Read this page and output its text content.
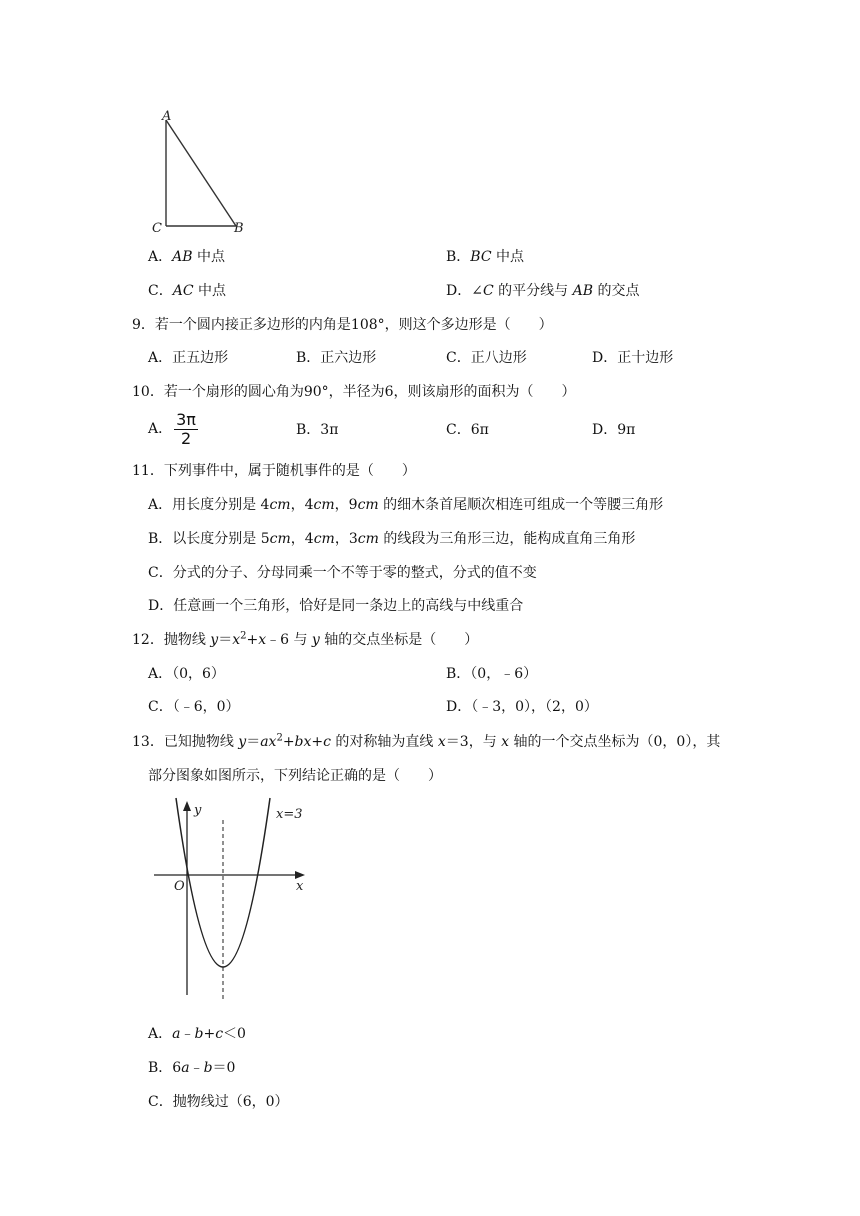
A
C	B
A．AB 中点	B．BC 中点
C．AC 中点	D．∠C 的平分线与 AB 的交点
9．若一个圆内接正多边形的内角是108°，则这个多边形是（　　）
A．正五边形	B．正六边形	C．正八边形	D．正十边形
10．若一个扇形的圆心角为90°，半径为6，则该扇形的面积为（　　）
A． $\frac{3\pi}{2}$	B．3π	C．6π	D．9π
11．下列事件中，属于随机事件的是（　　）
A．用长度分别是 4cm，4cm，9cm 的细木条首尾顺次相连可组成一个等腰三角形
B．以长度分别是 5cm，4cm，3cm 的线段为三角形三边，能构成直角三角形
C．分式的分子、分母同乘一个不等于零的整式，分式的值不变
D．任意画一个三角形，恰好是同一条边上的高线与中线重合
12．抛物线 $y=x^2+x﹣6$ 与 y 轴的交点坐标是（　　）
A．（0，6）	B．（0，﹣6）
C．（﹣6，0）	D．（﹣3，0），（2，0）
13．已知抛物线 $y=ax^2+bx+c$ 的对称轴为直线 x＝3，与 x 轴的一个交点坐标为（0，0），其
部分图象如图所示，下列结论正确的是（　　）
y
x
O
x=3
A．a﹣b+c＜0
B．6a﹣b＝0
C．抛物线过（6，0）
